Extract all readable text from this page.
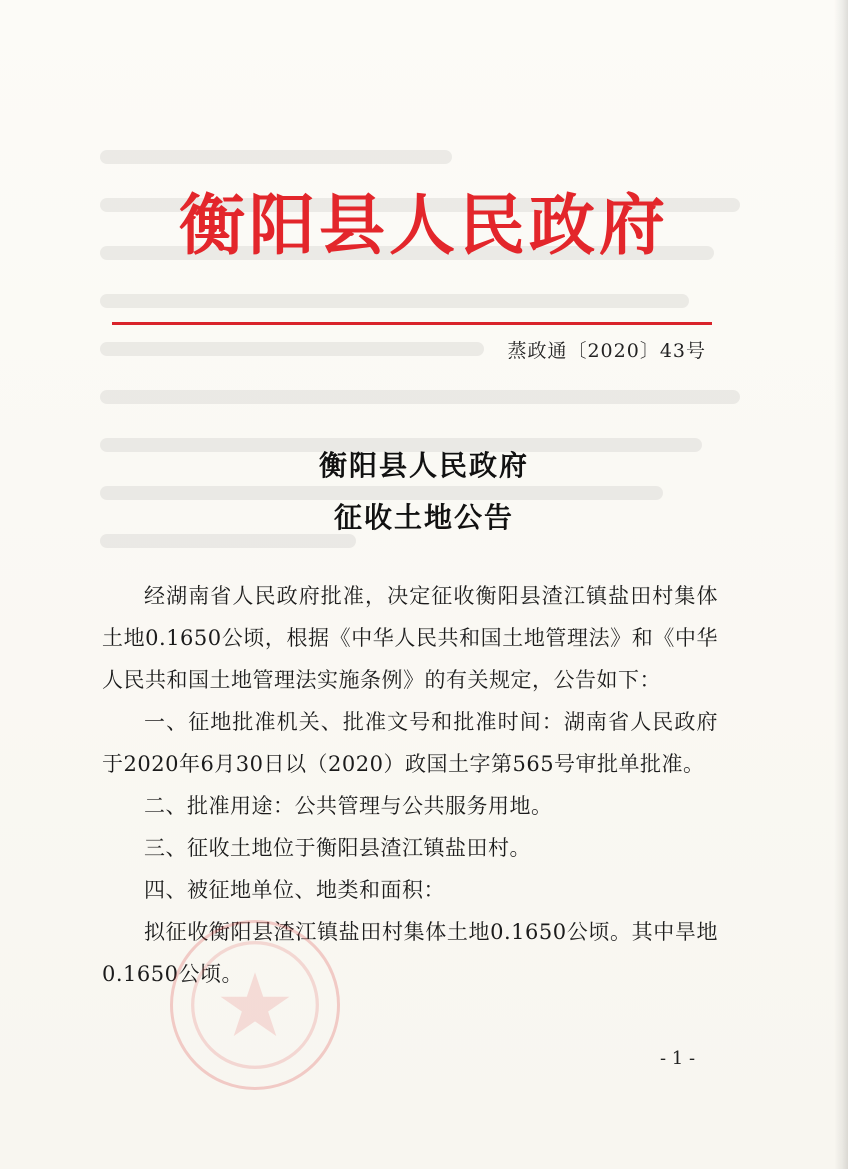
衡阳县人民政府
蒸政通〔2020〕43号
衡阳县人民政府
征收土地公告

经湖南省人民政府批准，决定征收衡阳县渣江镇盐田村集体土地0.1650公顷，根据《中华人民共和国土地管理法》和《中华人民共和国土地管理法实施条例》的有关规定，公告如下：

一、征地批准机关、批准文号和批准时间：湖南省人民政府于2020年6月30日以（2020）政国土字第565号审批单批准。

二、批准用途：公共管理与公共服务用地。

三、征收土地位于衡阳县渣江镇盐田村。

四、被征地单位、地类和面积：

拟征收衡阳县渣江镇盐田村集体土地0.1650公顷。其中旱地0.1650公顷。

- 1 -
